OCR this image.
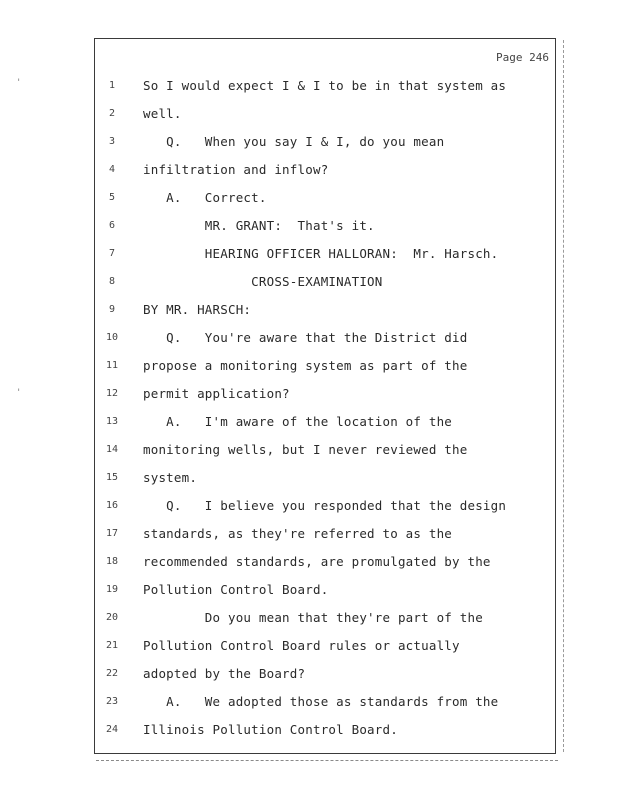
Page 246
1	So I would expect I & I to be in that system as
2	well.
3	Q.   When you say I & I, do you mean
4	infiltration and inflow?
5	A.   Correct.
6	MR. GRANT:  That's it.
7	HEARING OFFICER HALLORAN:  Mr. Harsch.
8	CROSS-EXAMINATION
9	BY MR. HARSCH:
10	Q.   You're aware that the District did
11	propose a monitoring system as part of the
12	permit application?
13	A.   I'm aware of the location of the
14	monitoring wells, but I never reviewed the
15	system.
16	Q.   I believe you responded that the design
17	standards, as they're referred to as the
18	recommended standards, are promulgated by the
19	Pollution Control Board.
20	Do you mean that they're part of the
21	Pollution Control Board rules or actually
22	adopted by the Board?
23	A.   We adopted those as standards from the
24	Illinois Pollution Control Board.
'
'
